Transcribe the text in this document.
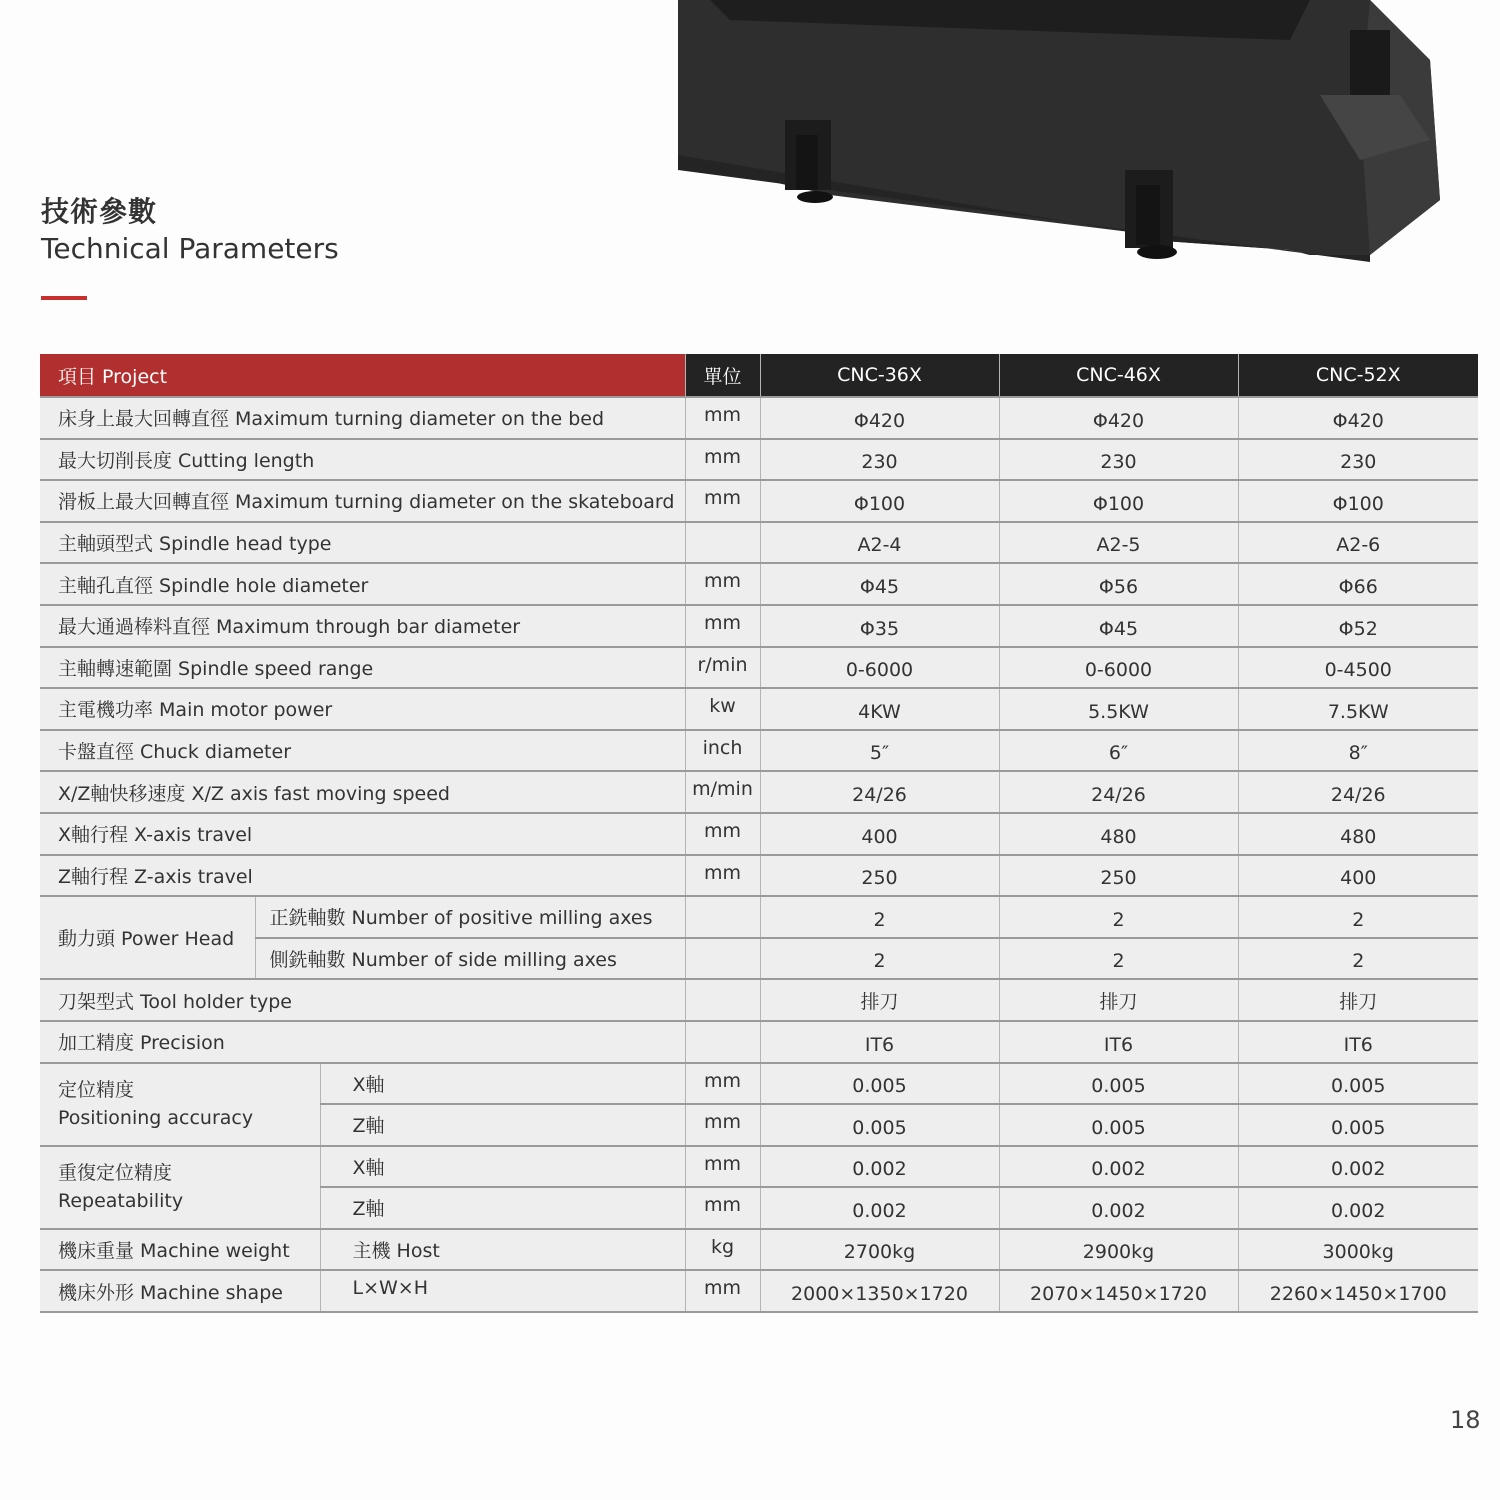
技術參數
Technical Parameters
項目 Project			單位	CNC-36X	CNC-46X	CNC-52X
床身上最大回轉直徑 Maximum turning diameter on the bed			mm	Φ420	Φ420	Φ420
最大切削長度 Cutting length			mm	230	230	230
滑板上最大回轉直徑 Maximum turning diameter on the skateboard			mm	Φ100	Φ100	Φ100
主軸頭型式 Spindle head type				A2-4	A2-5	A2-6
主軸孔直徑 Spindle hole diameter			mm	Φ45	Φ56	Φ66
最大通過棒料直徑 Maximum through bar diameter			mm	Φ35	Φ45	Φ52
主軸轉速範圍 Spindle speed range			r/min	0-6000	0-6000	0-4500
主電機功率 Main motor power			kw	4KW	5.5KW	7.5KW
卡盤直徑 Chuck diameter			inch	5″	6″	8″
X/Z軸快移速度 X/Z axis fast moving speed			m/min	24/26	24/26	24/26
X軸行程 X-axis travel			mm	400	480	480
Z軸行程 Z-axis travel			mm	250	250	400
動力頭 Power Head	正銑軸數 Number of positive milling axes			2	2	2
	側銑軸數 Number of side milling axes			2	2	2
刀架型式 Tool holder type				排刀	排刀	排刀
加工精度 Precision				IT6	IT6	IT6

定位精度
Positioning accuracy		X軸	mm	0.005	0.005	0.005
		Z軸	mm	0.005	0.005	0.005

重復定位精度
Repeatability		X軸	mm	0.002	0.002	0.002
		Z軸	mm	0.002	0.002	0.002
機床重量 Machine weight		主機 Host	kg	2700kg	2900kg	3000kg
機床外形 Machine shape		L×W×H	mm	2000×1350×1720	2070×1450×1720	2260×1450×1700
18
